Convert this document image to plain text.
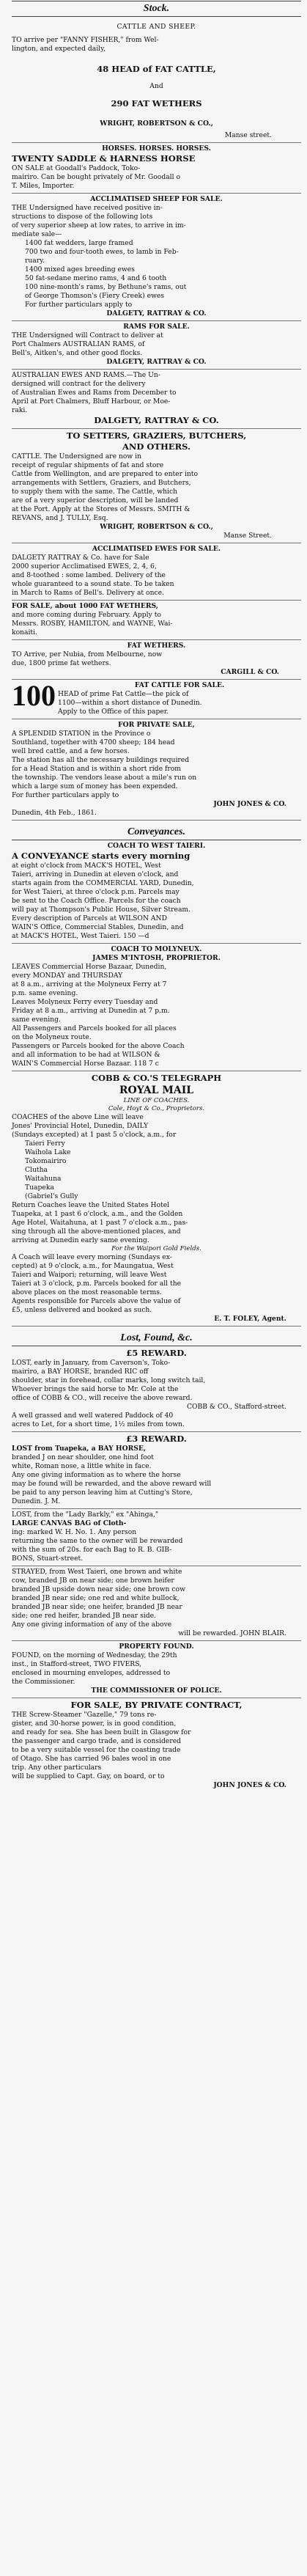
Stock.

CATTLE AND SHEEP.

TO arrive per "FANNY FISHER," from Wel-

lington, and expected daily,

48 HEAD of FAT CATTLE,

And

290 FAT WETHERS

WRIGHT, ROBERTSON & CO.,

Manse street.

HORSES. HORSES. HORSES.

TWENTY SADDLE & HARNESS HORSE

ON SALE at Goodall's Paddock, Toko-

mairiro. Can be bought privately of Mr. Goodall o

T. Miles, Importer.

ACCLIMATISED SHEEP FOR SALE.

THE Undersigned have received positive in-

structions to dispose of the following lots

of very superior sheep at low rates, to arrive in im-

mediate sale—

1400 fat wedders, large framed

700 two and four-tooth ewes, to lamb in Feb-

ruary.

1400 mixed ages breeding ewes

50 fat-sedane merino rams, 4 and 6 tooth

100 nine-month's rams, by Bethune's rams, out

of George Thomson's (Fiery Creek) ewes

For further particulars apply to

DALGETY, RATTRAY & CO.

RAMS FOR SALE.

THE Undersigned will Contract to deliver at

Port Chalmers AUSTRALIAN RAMS, of

Bell's, Aitken's, and other good flocks.

DALGETY, RATTRAY & CO.

AUSTRALIAN EWES AND RAMS.—The Un-

dersigned will contract for the delivery

of Australian Ewes and Rams from December to

April at Port Chalmers, Bluff Harbour, or Moe-

raki.

DALGETY, RATTRAY & CO.

TO SETTERS, GRAZIERS, BUTCHERS,

AND OTHERS.

CATTLE. The Undersigned are now in

receipt of regular shipments of fat and store

Cattle from Wellington, and are prepared to enter into

arrangements with Settlers, Graziers, and Butchers,

to supply them with the same. The Cattle, which

are of a very superior description, will be landed

at the Port. Apply at the Stores of Messrs. SMITH &

REVANS, and J. TULLY, Esq.

WRIGHT, ROBERTSON & CO.,

Manse Street.

ACCLIMATISED EWES FOR SALE.

DALGETY RATTRAY & Co. have for Sale

2000 superior Acclimatised EWES, 2, 4, 6,

and 8-toothed : some lambed. Delivery of the

whole guaranteed to a sound state. To be taken

in March to Rams of Bell's. Delivery at once.

FOR SALE, about 1000 FAT WETHERS,

and more coming during February. Apply to

Messrs. ROSBY, HAMILTON, and WAYNE, Wai-

konaiti.

FAT WETHERS.

TO Arrive, per Nubia, from Melbourne, now

due, 1800 prime fat wethers.

CARGILL & CO.

100	FAT CATTLE FOR SALE.

HEAD of prime Fat Cattle—the pick of

1100—within a short distance of Dunedin.

Apply to the Office of this paper.

FOR PRIVATE SALE,

A SPLENDID STATION in the Province o

Southland, together with 4700 sheep; 184 head

well bred cattle, and a few horses.

The station has all the necessary buildings required

for a Head Station and is within a short ride from

the township. The vendors lease about a mile's run on

which a large sum of money has been expended.

For further particulars apply to

JOHN JONES & CO.

Dunedin, 4th Feb., 1861.

Conveyances.

COACH TO WEST TAIERI.

A CONVEYANCE starts every morning

at eight o'clock from MACK'S HOTEL, West

Taieri, arriving in Dunedin at eleven o'clock, and

starts again from the COMMERCIAL YARD, Dunedin,

for West Taieri, at three o'clock p.m. Parcels may

be sent to the Coach Office. Parcels for the coach

will pay at Thompson's Public House, Silver Stream.

Every description of Parcels at WILSON AND

WAIN'S Office, Commercial Stables, Dunedin, and

at MACK'S HOTEL, West Taieri. 150 —d

COACH TO MOLYNEUX.

JAMES M'INTOSH, PROPRIETOR.

LEAVES Commercial Horse Bazaar, Dunedin,

every MONDAY and THURSDAY

at 8 a.m., arriving at the Molyneux Ferry at 7

p.m. same evening.

Leaves Molyneux Ferry every Tuesday and

Friday at 8 a.m., arriving at Dunedin at 7 p.m.

same evening.

All Passengers and Parcels booked for all places

on the Molyneux route.

Passengers or Parcels booked for the above Coach

and all information to be had at WILSON &

WAIN'S Commercial Horse Bazaar. 118 7 c

COBB & CO.'S TELEGRAPH

ROYAL MAIL

LINE OF COACHES.

Cole, Hoyt & Co., Proprietors.

COACHES of the above Line will leave

Jones' Provincial Hotel, Dunedin, DAILY

(Sundays excepted) at 1 past 5 o'clock, a.m., for

Taieri Ferry

Waihola Lake

Tokomairiro

Clutha

Waitahuna

Tuapeka

(Gabriel's Gully

Return Coaches leave the United States Hotel

Tuapeka, at 1 past 6 o'clock, a.m., and the Golden

Age Hotel, Waitahuna, at 1 past 7 o'clock a.m., pas-

sing through all the above-mentioned places, and

arriving at Dunedin early same evening.

For the Waipori Gold Fields.

A Coach will leave every morning (Sundays ex-

cepted) at 9 o'clock, a.m., for Maungatua, West

Taieri and Waipori; returning, will leave West

Taieri at 3 o'clock, p.m. Parcels booked for all the

above places on the most reasonable terms.

Agents responsible for Parcels above the value of

£5, unless delivered and booked as such.

E. T. FOLEY, Agent.

Lost, Found, &c.

£5 REWARD.

LOST, early in January, from Caverson's, Toko-

mairiro, a BAY HORSE, branded RIC off

shoulder, star in forehead, collar marks, long switch tail,

Whoever brings the said horse to Mr. Cole at the

office of COBB & CO., will receive the above reward.

COBB & CO., Stafford-street.

A well grassed and well watered Paddock of 40

acres to Let, for a short time, 1½ miles from town.

£3 REWARD.

LOST from Tuapeka, a BAY HORSE,

branded J on near shoulder, one hind foot

white, Roman nose, a little white in face.

Any one giving information as to where the horse

may be found will be rewarded, and the above reward will

be paid to any person leaving him at Cutting's Store,

Dunedin. J. M.

LOST, from the "Lady Barkly," ex "Ahinga,"

LARGE CANVAS BAG of Cloth-

ing: marked W. H. No. 1. Any person

returning the same to the owner will be rewarded

with the sum of 20s. for each Bag to R. B. GIB-

BONS, Stuart-street.

STRAYED, from West Taieri, one brown and white

cow, branded JB on near side; one brown heifer

branded JB upside down near side; one brown cow

branded JB near side; one red and white bullock,

branded JB near side; one heifer, branded JB near

side; one red heifer, branded JB near side.

Any one giving information of any of the above

will be rewarded. JOHN BLAIR.

PROPERTY FOUND.

FOUND, on the morning of Wednesday, the 29th

inst., in Stafford-street, TWO FIVERS,

enclosed in mourning envelopes, addressed to

the Commissioner.

THE COMMISSIONER OF POLICE.

FOR SALE, BY PRIVATE CONTRACT,

THE Screw-Steamer "Gazelle," 79 tons re-

gister, and 30-horse power, is in good condition,

and ready for sea. She has been built in Glasgow for

the passenger and cargo trade, and is considered

to be a very suitable vessel for the coasting trade

of Otago. She has carried 96 bales wool in one

trip. Any other particulars

will be supplied to Capt. Gay, on board, or to

JOHN JONES & CO.
